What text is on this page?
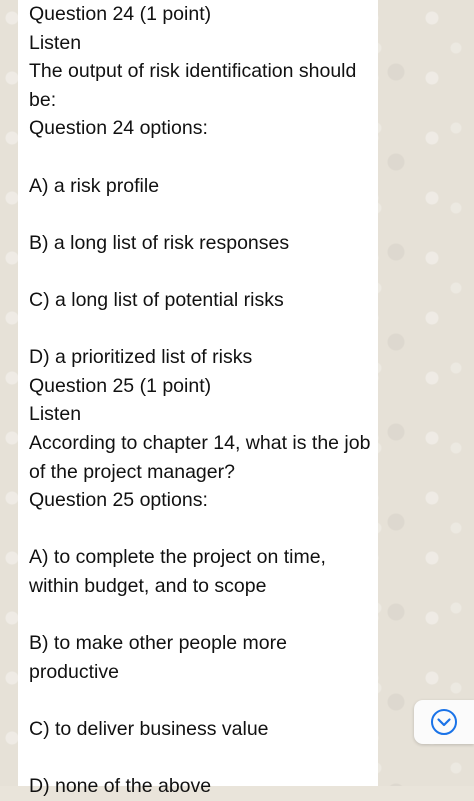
Question 24 (1 point)
Listen
The output of risk identification should
be:
Question 24 options:
A) a risk profile
B) a long list of risk responses
C) a long list of potential risks
D) a prioritized list of risks
Question 25 (1 point)
Listen
According to chapter 14, what is the job
of the project manager?
Question 25 options:
A) to complete the project on time,
within budget, and to scope
B) to make other people more
productive
C) to deliver business value
D) none of the above
